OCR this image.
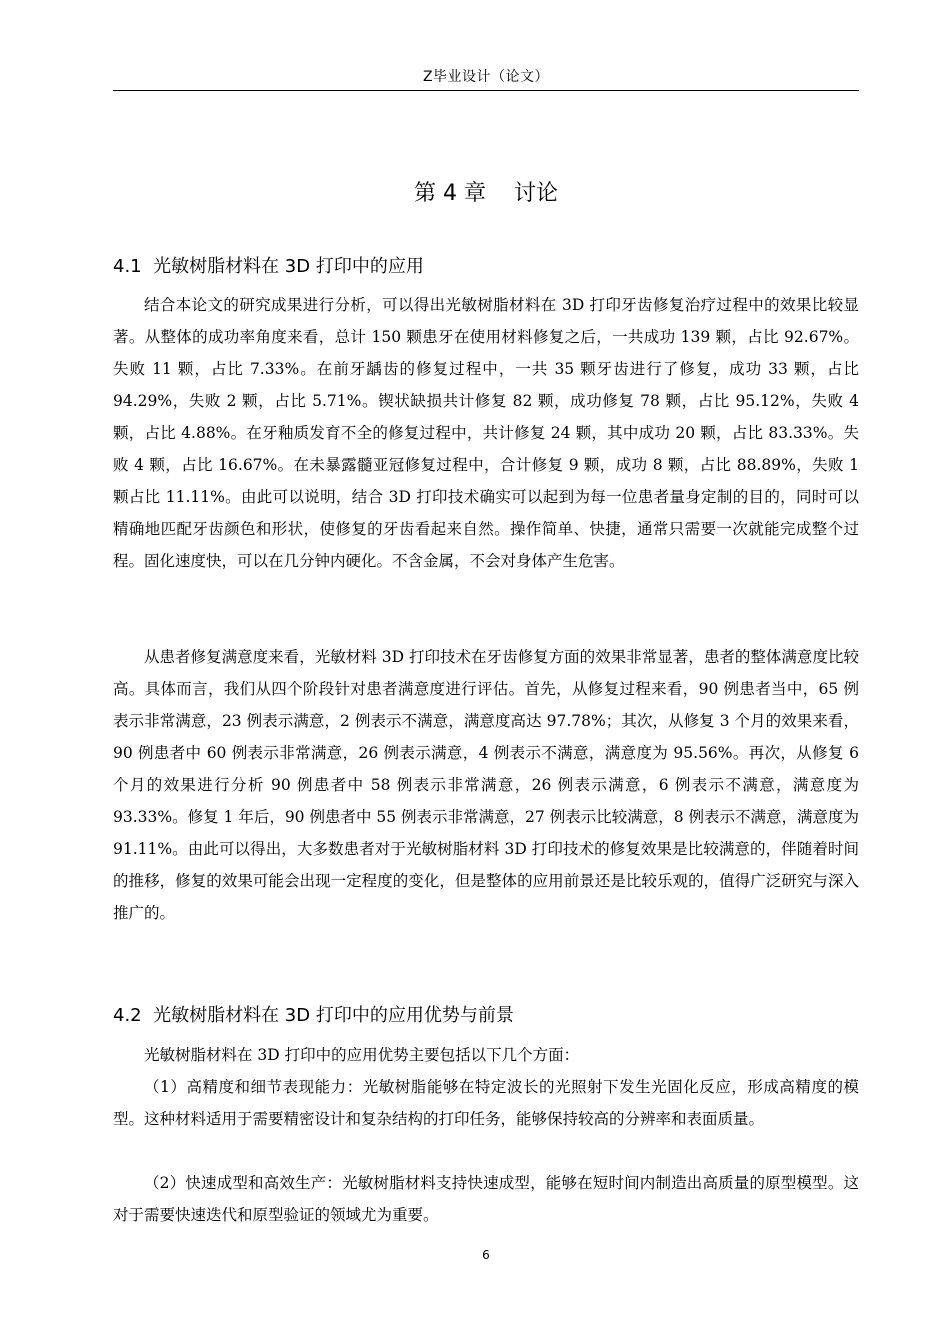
Z毕业设计（论文）
第 4 章    讨论
4.1  光敏树脂材料在 3D 打印中的应用

结合本论文的研究成果进行分析，可以得出光敏树脂材料在 3D 打印牙齿修复治疗过程中的效果比较显著。从整体的成功率角度来看，总计 150 颗患牙在使用材料修复之后，一共成功 139 颗，占比 92.67%。失败 11 颗，占比 7.33%。在前牙龋齿的修复过程中，一共 35 颗牙齿进行了修复，成功 33 颗，占比 94.29%，失败 2 颗，占比 5.71%。锲状缺损共计修复 82 颗，成功修复 78 颗，占比 95.12%，失败 4 颗，占比 4.88%。在牙釉质发育不全的修复过程中，共计修复 24 颗，其中成功 20 颗，占比 83.33%。失败 4 颗，占比 16.67%。在未暴露髓亚冠修复过程中，合计修复 9 颗，成功 8 颗，占比 88.89%，失败 1 颗占比 11.11%。由此可以说明，结合 3D 打印技术确实可以起到为每一位患者量身定制的目的，同时可以精确地匹配牙齿颜色和形状，使修复的牙齿看起来自然。操作简单、快捷，通常只需要一次就能完成整个过程。固化速度快，可以在几分钟内硬化。不含金属，不会对身体产生危害。

从患者修复满意度来看，光敏材料 3D 打印技术在牙齿修复方面的效果非常显著，患者的整体满意度比较高。具体而言，我们从四个阶段针对患者满意度进行评估。首先，从修复过程来看，90 例患者当中，65 例表示非常满意，23 例表示满意，2 例表示不满意，满意度高达 97.78%；其次，从修复 3 个月的效果来看，90 例患者中 60 例表示非常满意，26 例表示满意，4 例表示不满意，满意度为 95.56%。再次，从修复 6 个月的效果进行分析 90 例患者中 58 例表示非常满意，26 例表示满意，6 例表示不满意，满意度为 93.33%。修复 1 年后，90 例患者中 55 例表示非常满意，27 例表示比较满意，8 例表示不满意，满意度为 91.11%。由此可以得出，大多数患者对于光敏树脂材料 3D 打印技术的修复效果是比较满意的，伴随着时间的推移，修复的效果可能会出现一定程度的变化，但是整体的应用前景还是比较乐观的，值得广泛研究与深入推广的。

4.2  光敏树脂材料在 3D 打印中的应用优势与前景

光敏树脂材料在 3D 打印中的应用优势主要包括以下几个方面：

（1）高精度和细节表现能力：光敏树脂能够在特定波长的光照射下发生光固化反应，形成高精度的模型。这种材料适用于需要精密设计和复杂结构的打印任务，能够保持较高的分辨率和表面质量。

（2）快速成型和高效生产：光敏树脂材料支持快速成型，能够在短时间内制造出高质量的原型模型。这对于需要快速迭代和原型验证的领域尤为重要。

6
